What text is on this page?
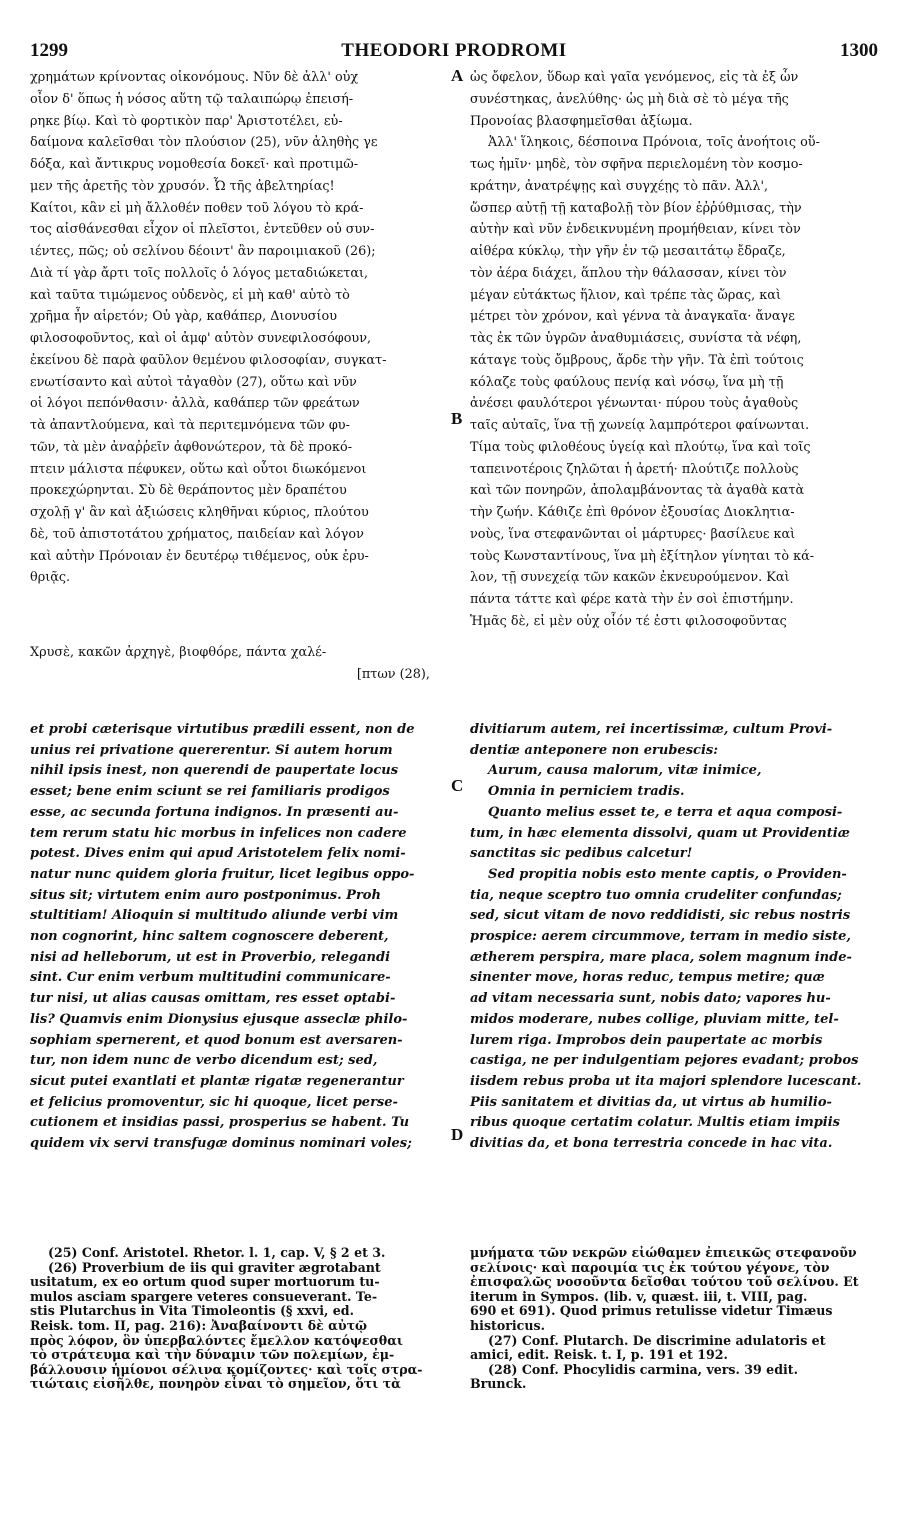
1299	THEODORI PRODROMI	1300
χρημάτων κρίνοντας οἰκονόμους. Νῦν δὲ ἀλλ' οὐχ
οἶον δ' ὅπως ἡ νόσος αὕτη τῷ ταλαιπώρῳ ἐπεισή-
ρηκε βίῳ. Καὶ τὸ φορτικὸν παρ' Ἀριστοτέλει, εὐ-
δαίμονα καλεῖσθαι τὸν πλούσιον (25), νῦν ἀληθὴς γε
δόξα, καὶ ἄντικρυς νομοθεσία δοκεῖ· καὶ προτιμῶ-
μεν τῆς ἀρετῆς τὸν χρυσόν. Ὦ τῆς ἀβελτηρίας!
Καίτοι, κἂν εἰ μὴ ἄλλοθέν ποθεν τοῦ λόγου τὸ κρά-
τος αἰσθάνεσθαι εἶχον οἱ πλεῖστοι, ἐντεῦθεν οὐ συν-
ιέντες, πῶς; οὐ σελίνου δέοιντ' ἂν παροιμιακοῦ (26);
Διὰ τί γὰρ ἄρτι τοῖς πολλοῖς ὁ λόγος μεταδιώκεται,
καὶ ταῦτα τιμώμενος οὐδενὸς, εἰ μὴ καθ' αὑτὸ τὸ
χρῆμα ἦν αἱρετόν; Οὐ γὰρ, καθάπερ, Διονυσίου
φιλοσοφοῦντος, καὶ οἱ ἀμφ' αὐτὸν συνεφιλοσόφουν,
ἐκείνου δὲ παρὰ φαῦλον θεμένου φιλοσοφίαν, συγκατ-
ενωτίσαντο καὶ αὐτοὶ τἀγαθὸν (27), οὕτω καὶ νῦν
οἱ λόγοι πεπόνθασιν· ἀλλὰ, καθάπερ τῶν φρεάτων
τὰ ἀπαντλούμενα, καὶ τὰ περιτεμνόμενα τῶν φυ-
τῶν, τὰ μὲν ἀναῤῥεῖν ἀφθονώτερον, τὰ δὲ προκό-
πτειν μάλιστα πέφυκεν, οὕτω καὶ οὗτοι διωκόμενοι
προκεχώρηνται. Σὺ δὲ θεράποντος μὲν δραπέτου
σχολῇ γ' ἂν καὶ ἀξιώσεις κληθῆναι κύριος, πλούτου
δὲ, τοῦ ἀπιστοτάτου χρήματος, παιδείαν καὶ λόγον
καὶ αὐτὴν Πρόνοιαν ἐν δευτέρῳ τιθέμενος, οὐκ ἐρυ-
θριᾷς.
Χρυσὲ, κακῶν ἀρχηγὲ, βιοφθόρε, πάντα χαλέ-
[πτων (28),
ὡς ὄφελον, ὕδωρ καὶ γαῖα γενόμενος, εἰς τὰ ἐξ ὧν
συνέστηκας, ἀνελύθης· ὡς μὴ διὰ σὲ τὸ μέγα τῆς
Προνοίας βλασφημεῖσθαι ἀξίωμα.
Ἀλλ' ἵληκοις, δέσποινα Πρόνοια, τοῖς ἀνοήτοις οὕ-
τως ἡμῖν· μηδὲ, τὸν σφῆνα περιελομένη τὸν κοσμο-
κράτην, ἀνατρέψῃς καὶ συγχέῃς τὸ πᾶν. Ἀλλ',
ὥσπερ αὐτῇ τῇ καταβολῇ τὸν βίον ἐῤῥύθμισας, τὴν
αὐτὴν καὶ νῦν ἐνδεικνυμένη προμήθειαν, κίνει τὸν
αἰθέρα κύκλῳ, τὴν γῆν ἐν τῷ μεσαιτάτῳ ἔδραζε,
τὸν ἀέρα διάχει, ἅπλου τὴν θάλασσαν, κίνει τὸν
μέγαν εὐτάκτως ἥλιον, καὶ τρέπε τὰς ὥρας, καὶ
μέτρει τὸν χρόνον, καὶ γέννα τὰ ἀναγκαῖα· ἄναγε
τὰς ἐκ τῶν ὑγρῶν ἀναθυμιάσεις, συνίστα τὰ νέφη,
κάταγε τοὺς ὄμβρους, ἄρδε τὴν γῆν. Τὰ ἐπὶ τούτοις
κόλαζε τοὺς φαύλους πενίᾳ καὶ νόσῳ, ἵνα μὴ τῇ
ἀνέσει φαυλότεροι γένωνται· πύρου τοὺς ἀγαθοὺς
ταῖς αὐταῖς, ἵνα τῇ χωνείᾳ λαμπρότεροι φαίνωνται.
Τίμα τοὺς φιλοθέους ὑγείᾳ καὶ πλούτῳ, ἵνα καὶ τοῖς
ταπεινοτέροις ζηλῶται ἡ ἀρετή· πλούτιζε πολλοὺς
καὶ τῶν πονηρῶν, ἀπολαμβάνοντας τὰ ἀγαθὰ κατὰ
τὴν ζωήν. Κάθιζε ἐπὶ θρόνον ἐξουσίας Διοκλητια-
νοὺς, ἵνα στεφανῶνται οἱ μάρτυρες· βασίλευε καὶ
τοὺς Κωνσταντίνους, ἵνα μὴ ἐξίτηλον γίνηται τὸ κά-
λον, τῇ συνεχείᾳ τῶν κακῶν ἐκνευρούμενον. Καὶ
πάντα τάττε καὶ φέρε κατὰ τὴν ἐν σοὶ ἐπιστήμην.
Ἡμᾶς δὲ, εἰ μὲν οὐχ οἷόν τέ ἐστι φιλοσοφοῦντας
et probi cæterisque virtutibus prædili essent, non de
unius rei privatione quererentur. Si autem horum
nihil ipsis inest, non querendi de paupertate locus
esset; bene enim sciunt se rei familiaris prodigos
esse, ac secunda fortuna indignos. In præsenti au-
tem rerum statu hic morbus in infelices non cadere
potest. Dives enim qui apud Aristotelem felix nomi-
natur nunc quidem gloria fruitur, licet legibus oppo-
situs sit; virtutem enim auro postponimus. Proh
stultitiam! Alioquin si multitudo aliunde verbi vim
non cognorint, hinc saltem cognoscere deberent,
nisi ad helleborum, ut est in Proverbio, relegandi
sint. Cur enim verbum multitudini communicare-
tur nisi, ut alias causas omittam, res esset optabi-
lis? Quamvis enim Dionysius ejusque asseclæ philo-
sophiam spernerent, et quod bonum est aversaren-
tur, non idem nunc de verbo dicendum est; sed,
sicut putei exantlati et plantæ rigatæ regenerantur
et felicius promoventur, sic hi quoque, licet perse-
cutionem et insidias passi, prosperius se habent. Tu
quidem vix servi transfugæ dominus nominari voles;
divitiarum autem, rei incertissimæ, cultum Provi-
dentiæ anteponere non erubescis:
Aurum, causa malorum, vitæ inimice,
Omnia in perniciem tradis.
Quanto melius esset te, e terra et aqua composi-
tum, in hæc elementa dissolvi, quam ut Providentiæ
sanctitas sic pedibus calcetur!
Sed propitia nobis esto mente captis, o Providen-
tia, neque sceptro tuo omnia crudeliter confundas;
sed, sicut vitam de novo reddidisti, sic rebus nostris
prospice: aerem circummove, terram in medio siste,
ætherem perspira, mare placa, solem magnum inde-
sinenter move, horas reduc, tempus metire; quæ
ad vitam necessaria sunt, nobis dato; vapores hu-
midos moderare, nubes collige, pluviam mitte, tel-
lurem riga. Improbos dein paupertate ac morbis
castiga, ne per indulgentiam pejores evadant; probos
iisdem rebus proba ut ita majori splendore lucescant.
Piis sanitatem et divitias da, ut virtus ab humilio-
ribus quoque certatim colatur. Multis etiam impiis
divitias da, et bona terrestria concede in hac vita.
(25) Conf. Aristotel. Rhetor. l. 1, cap. V, § 2 et 3.
(26) Proverbium de iis qui graviter ægrotabant
usitatum, ex eo ortum quod super mortuorum tu-
mulos asciam spargere veteres consueverant. Te-
stis Plutarchus in Vita Timoleontis (§ xxvi, ed.
Reisk. tom. II, pag. 216): Ἀναβαίνοντι δὲ αὐτῷ
πρὸς λόφον, ὃν ὑπερβαλόντες ἔμελλον κατόψεσθαι
τὸ στράτευμα καὶ τὴν δύναμιν τῶν πολεμίων, ἐμ-
βάλλουσιν ἡμίονοι σέλινα κομίζοντες· καὶ τοῖς στρα-
τιώταις εἰσῆλθε, πονηρὸν εἶναι τὸ σημεῖον, ὅτι τὰ
μνήματα τῶν νεκρῶν εἰώθαμεν ἐπιεικῶς στεφανοῦν
σελίνοις· καὶ παροιμία τις ἐκ τούτου γέγονε, τὸν
ἐπισφαλῶς νοσοῦντα δεῖσθαι τούτου τοῦ σελίνου. Et
iterum in Sympos. (lib. v, quæst. iii, t. VIII, pag.
690 et 691). Quod primus retulisse videtur Timæus
historicus.
(27) Conf. Plutarch. De discrimine adulatoris et
amici, edit. Reisk. t. I, p. 191 et 192.
(28) Conf. Phocylidis carmina, vers. 39 edit.
Brunck.
A
B
C
D
